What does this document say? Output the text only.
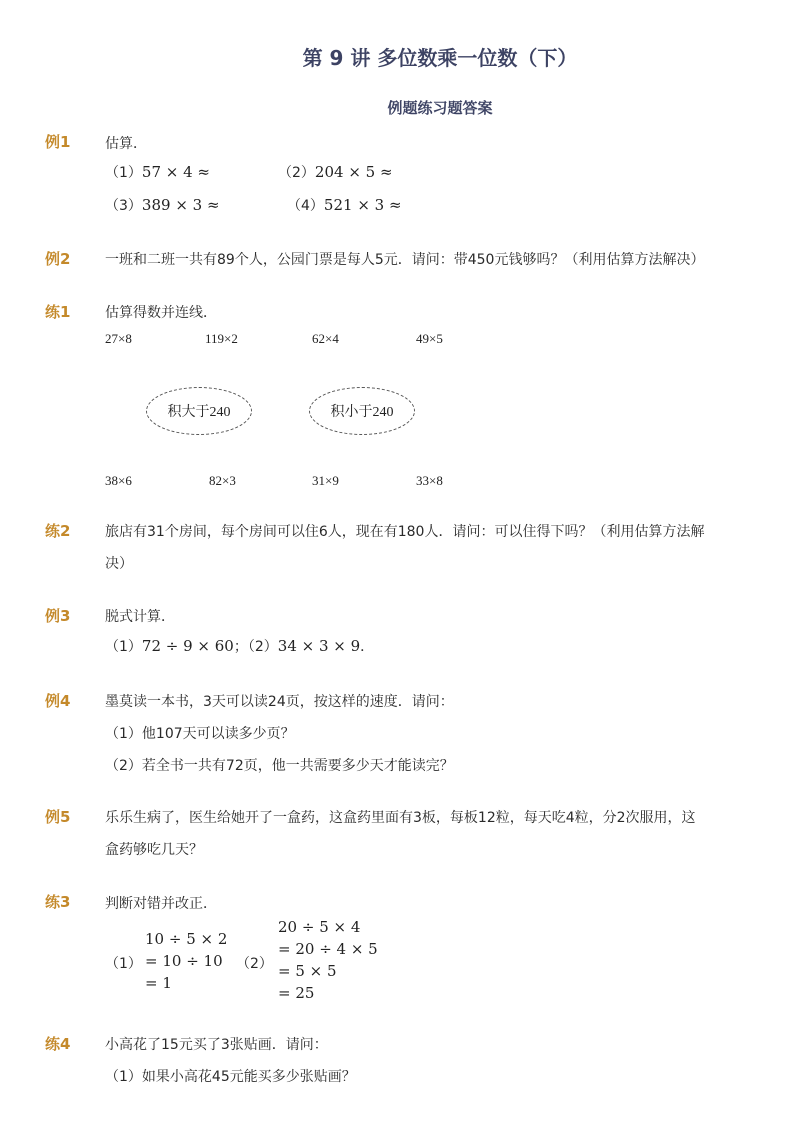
第 9 讲 多位数乘一位数（下）
例题练习题答案
例1 估算．
（1）57 × 4 ≈	（2）204 × 5 ≈
（3）389 × 3 ≈	（4）521 × 3 ≈
例2 一班和二班一共有89个人，公园门票是每人5元．请问：带450元钱够吗？（利用估算方法解决）
练1 估算得数并连线．
27×8	119×2	62×4	49×5
积大于240	积小于240
38×6	82×3	31×9	33×8
练2 旅店有31个房间，每个房间可以住6人，现在有180人．请问：可以住得下吗？（利用估算方法解
决）
例3 脱式计算．
（1）72 ÷ 9 × 60；（2）34 × 3 × 9．
例4 墨莫读一本书，3天可以读24页，按这样的速度．请问：
（1）他107天可以读多少页？
（2）若全书一共有72页，他一共需要多少天才能读完？
例5 乐乐生病了，医生给她开了一盒药，这盒药里面有3板，每板12粒，每天吃4粒，分2次服用，这
盒药够吃几天？
练3 判断对错并改正．
（1）
10 ÷ 5 × 2
= 10 ÷ 10
= 1
（2）
20 ÷ 5 × 4
= 20 ÷ 4 × 5
= 5 × 5
= 25
练4 小高花了15元买了3张贴画．请问：
（1）如果小高花45元能买多少张贴画？
